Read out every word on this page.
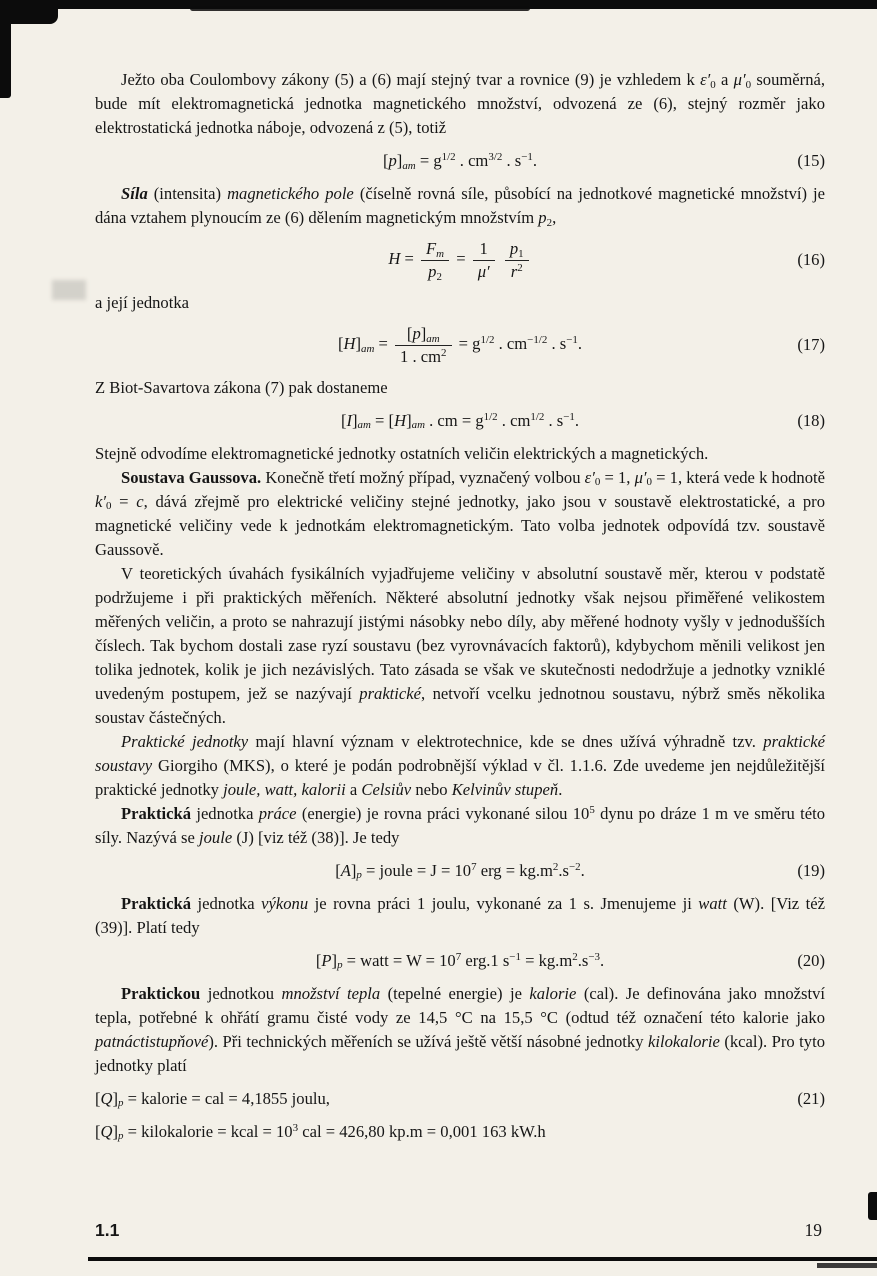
Ježto oba Coulombovy zákony (5) a (6) mají stejný tvar a rovnice (9) je vzhledem k $\varepsilon'_0$ a $\mu'_0$ souměrná, bude mít elektromagnetická jednotka magnetického množství, odvozená ze (6), stejný rozměr jako elektrostatická jednotka náboje, odvozená z (5), totiž

$[p]_{am} = g^{1/2}$ . $cm^{3/2}$ . $s^{-1}$.	(15)

Síla (intensita) magnetického pole (číselně rovná síle, působící na jednotkové magnetické množství) je dána vztahem plynoucím ze (6) dělením magnetickým množstvím $p_2$,

$H = \frac{F_m}{p_2} = \frac{1}{\mu'}$
$\frac{p_1}{r^2}$	(16)

a její jednotka

$[H]_{am} = \frac{[p]_{am}}{1 . cm^2} = g^{1/2}$ . $cm^{-1/2}$ . $s^{-1}$.	(17)

Z Biot-Savartova zákona (7) pak dostaneme

$[I]_{am} = [H]_{am}$ . cm = $g^{1/2}$ . $cm^{1/2}$ . $s^{-1}$.	(18)

Stejně odvodíme elektromagnetické jednotky ostatních veličin elektrických a magnetických.

Soustava Gaussova. Konečně třetí možný případ, vyznačený volbou $\varepsilon'_0 = 1$, $\mu'_0 = 1$, která vede k hodnotě $k'_0 = c$, dává zřejmě pro elektrické veličiny stejné jednotky, jako jsou v soustavě elektrostatické, a pro magnetické veličiny vede k jednotkám elektromagnetickým. Tato volba jednotek odpovídá tzv. soustavě Gaussově.

V teoretických úvahách fysikálních vyjadřujeme veličiny v absolutní soustavě měr, kterou v podstatě podržujeme i při praktických měřeních. Některé absolutní jednotky však nejsou přiměřené velikostem měřených veličin, a proto se nahrazují jistými násobky nebo díly, aby měřené hodnoty vyšly v jednodušších číslech. Tak bychom dostali zase ryzí soustavu (bez vyrovnávacích faktorů), kdybychom měnili velikost jen tolika jednotek, kolik je jich nezávislých. Tato zásada se však ve skutečnosti nedodržuje a jednotky vzniklé uvedeným postupem, jež se nazývají praktické, netvoří vcelku jednotnou soustavu, nýbrž směs několika soustav částečných.

Praktické jednotky mají hlavní význam v elektrotechnice, kde se dnes užívá výhradně tzv. praktické soustavy Giorgiho (MKS), o které je podán podrobnější výklad v čl. 1.1.6. Zde uvedeme jen nejdůležitější praktické jednotky joule, watt, kalorii a Celsiův nebo Kelvinův stupeň.

Praktická jednotka práce (energie) je rovna práci vykonané silou $10^5$ dynu po dráze 1 m ve směru této síly. Nazývá se joule (J) [viz též (38)]. Je tedy

$[A]_p$ = joule = $J = 10^7$ erg = $kg.m^2.s^{-2}$.	(19)

Praktická jednotka výkonu je rovna práci 1 joulu, vykonané za 1 s. Jmenujeme ji watt (W). [Viz též (39)]. Platí tedy

$[P]_p$ = watt = $W = 10^7$ erg.1 $s^{-1} = kg.m^2.s^{-3}$.	(20)

Praktickou jednotkou množství tepla (tepelné energie) je kalorie (cal). Je definována jako množství tepla, potřebné k ohřátí gramu čisté vody ze 14,5 °C na 15,5 °C (odtud též označení této kalorie jako patnáctistupňové). Při technických měřeních se užívá ještě větší násobné jednotky kilokalorie (kcal). Pro tyto jednotky platí

$[Q]_p$ = kalorie = cal = 4,1855 joulu,	(21)
$[Q]_p$ = kilokalorie = kcal = $10^3$ cal = 426,80 kp.m = 0,001 163 kW.h
1.1	19
